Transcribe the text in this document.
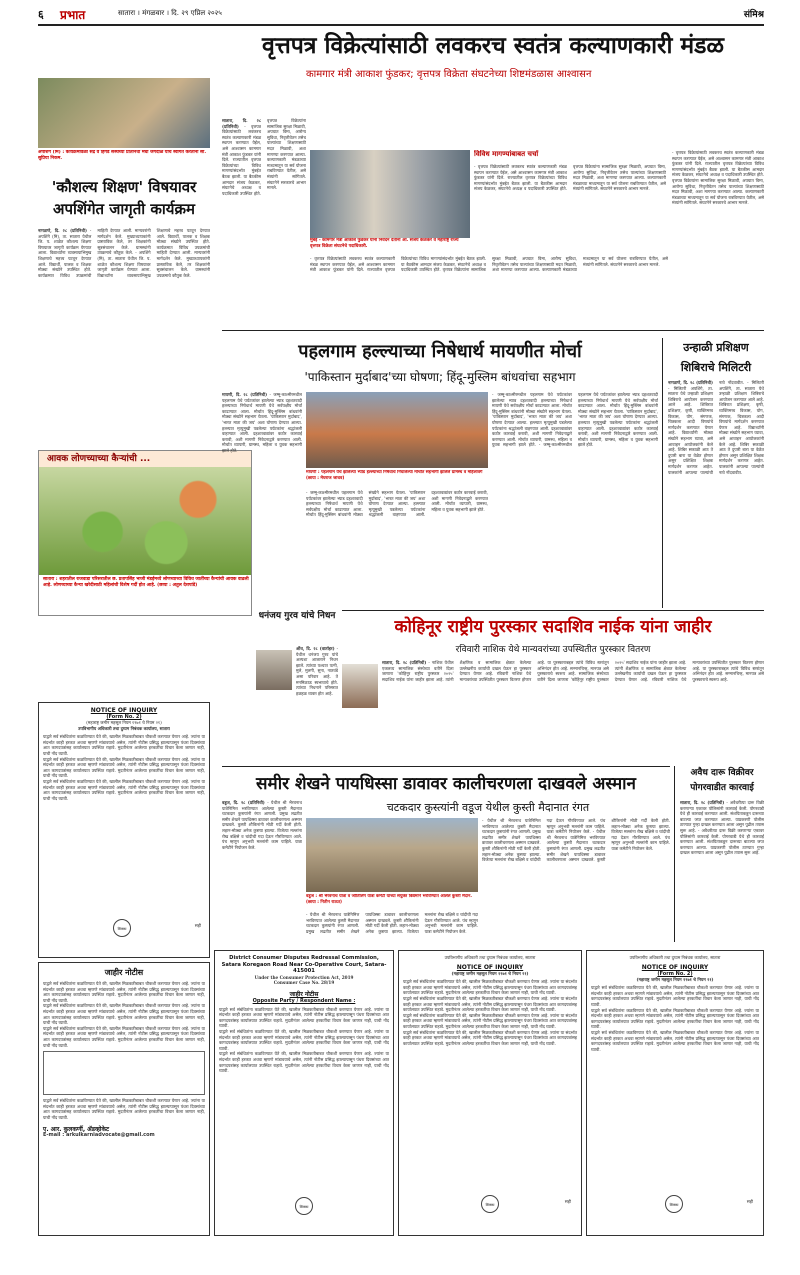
६ प्रभात	सातारा । मंगळवार । दि. २९ एप्रिल २०२५	संमिश्र
अपशिंगे (मि) : कार्यक्रमावेळी सेंद्र व हिंगेड संस्थेच्या प्रतिनिधी मेघा जगदाळे यांचे स्वागत करताना सौ. सुप्रिया निकम.
'कौशल्य शिक्षण' विषयावर अपशिंगेत जागृती कार्यक्रम
नागठाणे, दि. २८ (प्रतिनिधी) - अपशिंगे (मि), ता. सातारा येथील जि. प. शाळेत कौशल्य शिक्षण विषयावर जागृती कार्यक्रम घेण्यात आला. विद्यार्थ्यांना व्यवसायाभिमुख शिक्षणाचे महत्त्व पटवून देण्यात आले. विद्यार्थी, पालक व शिक्षक मोठ्या संख्येने उपस्थित होते. कार्यक्रमात विविध उपक्रमांची माहिती देण्यात आली. मान्यवरांनी मार्गदर्शन केले. मुख्याध्यापकांनी प्रास्ताविक केले, तर शिक्षकांनी सूत्रसंचालन केले. ग्रामस्थांनी उपक्रमाचे कौतुक केले. - अपशिंगे (मि), ता. सातारा येथील जि. प. शाळेत कौशल्य शिक्षण विषयावर जागृती कार्यक्रम घेण्यात आला. विद्यार्थ्यांना व्यवसायाभिमुख शिक्षणाचे महत्त्व पटवून देण्यात आले. विद्यार्थी, पालक व शिक्षक मोठ्या संख्येने उपस्थित होते. कार्यक्रमात विविध उपक्रमांची माहिती देण्यात आली. मान्यवरांनी मार्गदर्शन केले. मुख्याध्यापकांनी प्रास्ताविक केले, तर शिक्षकांनी सूत्रसंचालन केले. ग्रामस्थांनी उपक्रमाचे कौतुक केले.
आवक लोणच्याच्या कैऱ्यांची ...
सातारा : शहरातील राजवाडा परिसरातील छ. प्रतापसिंह भाजी मंडईमध्ये लोणच्याच्या विविध जातींच्या कैऱ्यांची आवक वाढली आहे. लोणच्याच्या कैऱ्या खरेदीसाठी महिलांची विशेष गर्दी होत आहे. (छाया : अतुल देशपांडे)
वृत्तपत्र विक्रेत्यांसाठी लवकरच स्वतंत्र कल्याणकारी मंडळ
कामगार मंत्री आकाश फुंडकर; वृत्तपत्र विक्रेता संघटनेच्या शिष्टमंडळास आश्वासन
सातारा, दि. २८ (प्रतिनिधी) - वृत्तपत्र विक्रेत्यांसाठी लवकरच स्वतंत्र कल्याणकारी मंडळ स्थापन करण्यात येईल, असे आश्वासन कामगार मंत्री आकाश फुंडकर यांनी दिले. राज्यातील वृत्तपत्र विक्रेत्यांच्या विविध मागण्यांसंदर्भात मुंबईत बैठक झाली. या बैठकीस आमदार संजय केळकर, संघटनेचे अध्यक्ष व पदाधिकारी उपस्थित होते. वृत्तपत्र विक्रेत्यांना सामाजिक सुरक्षा मिळावी, अपघात विमा, आरोग्य सुविधा, निवृत्तीवेतन तसेच पाल्यांच्या शिक्षणासाठी मदत मिळावी, अशा मागण्या करण्यात आल्या. कल्याणकारी मंडळाच्या माध्यमातून या सर्व योजना राबविण्यात येतील, असे मंत्र्यांनी सांगितले. संघटनेने सरकारचे आभार मानले.
मुंबई - कामगार मंत्री आकाश फुंडकर यांना निवेदन देताना आ. संजय केळकर व महाराष्ट्र राज्य वृत्तपत्र विक्रेता संघटनेचे पदाधिकारी.
विविध मागण्यांबाबत चर्चा
- वृत्तपत्र विक्रेत्यांसाठी लवकरच स्वतंत्र कल्याणकारी मंडळ स्थापन करण्यात येईल, असे आश्वासन कामगार मंत्री आकाश फुंडकर यांनी दिले. राज्यातील वृत्तपत्र विक्रेत्यांच्या विविध मागण्यांसंदर्भात मुंबईत बैठक झाली. या बैठकीस आमदार संजय केळकर, संघटनेचे अध्यक्ष व पदाधिकारी उपस्थित होते. वृत्तपत्र विक्रेत्यांना सामाजिक सुरक्षा मिळावी, अपघात विमा, आरोग्य सुविधा, निवृत्तीवेतन तसेच पाल्यांच्या शिक्षणासाठी मदत मिळावी, अशा मागण्या करण्यात आल्या. कल्याणकारी मंडळाच्या माध्यमातून या सर्व योजना राबविण्यात येतील, असे मंत्र्यांनी सांगितले. संघटनेने सरकारचे आभार मानले.
- वृत्तपत्र विक्रेत्यांसाठी लवकरच स्वतंत्र कल्याणकारी मंडळ स्थापन करण्यात येईल, असे आश्वासन कामगार मंत्री आकाश फुंडकर यांनी दिले. राज्यातील वृत्तपत्र विक्रेत्यांच्या विविध मागण्यांसंदर्भात मुंबईत बैठक झाली. या बैठकीस आमदार संजय केळकर, संघटनेचे अध्यक्ष व पदाधिकारी उपस्थित होते. वृत्तपत्र विक्रेत्यांना सामाजिक सुरक्षा मिळावी, अपघात विमा, आरोग्य सुविधा, निवृत्तीवेतन तसेच पाल्यांच्या शिक्षणासाठी मदत मिळावी, अशा मागण्या करण्यात आल्या. कल्याणकारी मंडळाच्या माध्यमातून या सर्व योजना राबविण्यात येतील, असे मंत्र्यांनी सांगितले. संघटनेने सरकारचे आभार मानले.
- वृत्तपत्र विक्रेत्यांसाठी लवकरच स्वतंत्र कल्याणकारी मंडळ स्थापन करण्यात येईल, असे आश्वासन कामगार मंत्री आकाश फुंडकर यांनी दिले. राज्यातील वृत्तपत्र विक्रेत्यांच्या विविध मागण्यांसंदर्भात मुंबईत बैठक झाली. या बैठकीस आमदार संजय केळकर, संघटनेचे अध्यक्ष व पदाधिकारी उपस्थित होते. वृत्तपत्र विक्रेत्यांना सामाजिक सुरक्षा मिळावी, अपघात विमा, आरोग्य सुविधा, निवृत्तीवेतन तसेच पाल्यांच्या शिक्षणासाठी मदत मिळावी, अशा मागण्या करण्यात आल्या. कल्याणकारी मंडळाच्या माध्यमातून या सर्व योजना राबविण्यात येतील, असे मंत्र्यांनी सांगितले. संघटनेने सरकारचे आभार मानले.
पहलगाम हल्ल्याच्या निषेधार्थ मायणीत मोर्चा
'पाकिस्तान मुर्दाबाद'च्या घोषणा; हिंदू-मुस्लिम बांधवांचा सहभाग
मायणी, दि. २८ (प्रतिनिधी) - जम्मू-काश्मीरमधील पहलगाम येथे पर्यटकांवर झालेल्या भ्याड दहशतवादी हल्ल्याच्या निषेधार्थ मायणी येथे सर्वपक्षीय मोर्चा काढण्यात आला. मोर्चात हिंदू-मुस्लिम बांधवांनी मोठ्या संख्येने सहभाग घेतला. 'पाकिस्तान मुर्दाबाद', 'भारत माता की जय' अशा घोषणा देण्यात आल्या. हल्ल्यात मृत्युमुखी पडलेल्या पर्यटकांना श्रद्धांजली वाहण्यात आली. दहशतवाद्यांवर कठोर कारवाई करावी, अशी मागणी निवेदनाद्वारे करण्यात आली. मोर्चात व्यापारी, ग्रामस्थ, महिला व युवक सहभागी झाले होते.
मायणी : पहलगाम येथे झालेल्या भ्याड हल्ल्याच्या निषेधार्थ निघालेल्या मोर्चात सहभागी झालेले ग्रामस्थ व महिलावर्ग (छाया : मेघराज जाधव)
- जम्मू-काश्मीरमधील पहलगाम येथे पर्यटकांवर झालेल्या भ्याड दहशतवादी हल्ल्याच्या निषेधार्थ मायणी येथे सर्वपक्षीय मोर्चा काढण्यात आला. मोर्चात हिंदू-मुस्लिम बांधवांनी मोठ्या संख्येने सहभाग घेतला. 'पाकिस्तान मुर्दाबाद', 'भारत माता की जय' अशा घोषणा देण्यात आल्या. हल्ल्यात मृत्युमुखी पडलेल्या पर्यटकांना श्रद्धांजली वाहण्यात आली. दहशतवाद्यांवर कठोर कारवाई करावी, अशी मागणी निवेदनाद्वारे करण्यात आली. मोर्चात व्यापारी, ग्रामस्थ, महिला व युवक सहभागी झाले होते.
- जम्मू-काश्मीरमधील पहलगाम येथे पर्यटकांवर झालेल्या भ्याड दहशतवादी हल्ल्याच्या निषेधार्थ मायणी येथे सर्वपक्षीय मोर्चा काढण्यात आला. मोर्चात हिंदू-मुस्लिम बांधवांनी मोठ्या संख्येने सहभाग घेतला. 'पाकिस्तान मुर्दाबाद', 'भारत माता की जय' अशा घोषणा देण्यात आल्या. हल्ल्यात मृत्युमुखी पडलेल्या पर्यटकांना श्रद्धांजली वाहण्यात आली. दहशतवाद्यांवर कठोर कारवाई करावी, अशी मागणी निवेदनाद्वारे करण्यात आली. मोर्चात व्यापारी, ग्रामस्थ, महिला व युवक सहभागी झाले होते. - जम्मू-काश्मीरमधील पहलगाम येथे पर्यटकांवर झालेल्या भ्याड दहशतवादी हल्ल्याच्या निषेधार्थ मायणी येथे सर्वपक्षीय मोर्चा काढण्यात आला. मोर्चात हिंदू-मुस्लिम बांधवांनी मोठ्या संख्येने सहभाग घेतला. 'पाकिस्तान मुर्दाबाद', 'भारत माता की जय' अशा घोषणा देण्यात आल्या. हल्ल्यात मृत्युमुखी पडलेल्या पर्यटकांना श्रद्धांजली वाहण्यात आली. दहशतवाद्यांवर कठोर कारवाई करावी, अशी मागणी निवेदनाद्वारे करण्यात आली. मोर्चात व्यापारी, ग्रामस्थ, महिला व युवक सहभागी झाले होते.
उन्हाळी प्रशिक्षण शिबिराचे मिलिटरी
नागठाणे, दि. २८ (प्रतिनिधी) - मिलिटरी अपशिंगे, ता. सातारा येथे उन्हाळी प्रशिक्षण शिबिराचे आयोजन करण्यात आले आहे. शिबिरात प्रशिक्षण, कृषी, व्यक्तिमत्त्व विकास, योग, संगणक, चित्रकला आदी विषयांचे मार्गदर्शन करण्यात येणार आहे. विद्यार्थ्यांनी मोठ्या संख्येने सहभाग घ्यावा, असे आवाहन आयोजकांनी केले आहे. शिबिर सकाळी आठ ते दुपारी बारा या वेळेत होणार असून प्रशिक्षित शिक्षक मार्गदर्शन करणार आहेत. पालकांनी आपल्या पाल्यांची नावे नोंदवावीत. - मिलिटरी अपशिंगे, ता. सातारा येथे उन्हाळी प्रशिक्षण शिबिराचे आयोजन करण्यात आले आहे. शिबिरात प्रशिक्षण, कृषी, व्यक्तिमत्त्व विकास, योग, संगणक, चित्रकला आदी विषयांचे मार्गदर्शन करण्यात येणार आहे. विद्यार्थ्यांनी मोठ्या संख्येने सहभाग घ्यावा, असे आवाहन आयोजकांनी केले आहे. शिबिर सकाळी आठ ते दुपारी बारा या वेळेत होणार असून प्रशिक्षित शिक्षक मार्गदर्शन करणार आहेत. पालकांनी आपल्या पाल्यांची नावे नोंदवावीत.
धनंजय गुरव यांचे निधन
औंध, दि. २८ (वार्ताहर) - येथील धनंजय गुरव यांचे अल्पशा आजाराने निधन झाले. त्यांच्या पश्चात पत्नी, मुले, मुलगी, सुना, नातवंडे असा परिवार आहे. ते मनमिळाऊ स्वभावाचे होते. त्यांच्या निधनाने परिसरात हळहळ व्यक्त होत आहे.
कोहिनूर राष्ट्रीय पुरस्कार सदाशिव नाईक यांना जाहीर
रविवारी नाशिक येथे मान्यवरांच्या उपस्थितीत पुरस्कार वितरण
सातारा, दि. २८ (प्रतिनिधी) - नाशिक येथील एकलव्य सामाजिक संस्थेच्या वतीने दिला जाणारा 'कोहिनूर राष्ट्रीय पुरस्कार २०२५' सदाशिव नाईक यांना जाहीर झाला आहे. त्यांनी शैक्षणिक व सामाजिक क्षेत्रात केलेल्या उल्लेखनीय कार्याची दखल घेऊन हा पुरस्कार देण्यात येणार आहे. रविवारी नाशिक येथे मान्यवरांच्या उपस्थितीत पुरस्कार वितरण होणार आहे. या पुरस्काराबद्दल त्यांचे विविध स्तरांतून अभिनंदन होत आहे. सन्मानचिन्ह, मानपत्र असे पुरस्काराचे स्वरूप आहे. सामाजिक संस्थेच्या वतीने दिला जाणारा 'कोहिनूर राष्ट्रीय पुरस्कार २०२५' सदाशिव नाईक यांना जाहीर झाला आहे. त्यांनी शैक्षणिक व सामाजिक क्षेत्रात केलेल्या उल्लेखनीय कार्याची दखल घेऊन हा पुरस्कार देण्यात येणार आहे. रविवारी नाशिक येथे मान्यवरांच्या उपस्थितीत पुरस्कार वितरण होणार आहे. या पुरस्काराबद्दल त्यांचे विविध स्तरांतून अभिनंदन होत आहे. सन्मानचिन्ह, मानपत्र असे पुरस्काराचे स्वरूप आहे.
समीर शेखने पायधिस्सा डावावर कालीचरणला दाखवले अस्मान
चटकदार कुस्त्यांनी वडूज येथील कुस्ती मैदानात रंगत
वडूज, दि. २८ (प्रतिनिधी) - येथील श्री भैरवनाथ यात्रेनिमित्त भरविण्यात आलेल्या कुस्ती मैदानात चटकदार कुस्त्यांनी रंगत आणली. प्रमुख लढतीत समीर शेखने पायधिस्सा डावावर कालीचरणला अस्मान दाखवले. कुस्ती शौकिनांनी मोठी गर्दी केली होती. लहान-मोठ्या अनेक कुस्त्या झाल्या. विजेत्या मल्लांना रोख बक्षिसे व चांदीची गदा देऊन गौरविण्यात आले. पंच म्हणून अनुभवी मल्लांनी काम पाहिले. यात्रा कमेटीने नियोजन केले.
वडूज : श्री भैरवनाथ यात्रा व जोतिर्लिंग यात्रा कमेटी यांच्या संयुक्त विद्यमाने भरविण्यात आलेले कुस्ती मैदान. (छाया : नितीन राऊत)
- येथील श्री भैरवनाथ यात्रेनिमित्त भरविण्यात आलेल्या कुस्ती मैदानात चटकदार कुस्त्यांनी रंगत आणली. प्रमुख लढतीत समीर शेखने पायधिस्सा डावावर कालीचरणला अस्मान दाखवले. कुस्ती शौकिनांनी मोठी गर्दी केली होती. लहान-मोठ्या अनेक कुस्त्या झाल्या. विजेत्या मल्लांना रोख बक्षिसे व चांदीची गदा देऊन गौरविण्यात आले. पंच म्हणून अनुभवी मल्लांनी काम पाहिले. यात्रा कमेटीने नियोजन केले.
- येथील श्री भैरवनाथ यात्रेनिमित्त भरविण्यात आलेल्या कुस्ती मैदानात चटकदार कुस्त्यांनी रंगत आणली. प्रमुख लढतीत समीर शेखने पायधिस्सा डावावर कालीचरणला अस्मान दाखवले. कुस्ती शौकिनांनी मोठी गर्दी केली होती. लहान-मोठ्या अनेक कुस्त्या झाल्या. विजेत्या मल्लांना रोख बक्षिसे व चांदीची गदा देऊन गौरविण्यात आले. पंच म्हणून अनुभवी मल्लांनी काम पाहिले. यात्रा कमेटीने नियोजन केले. - येथील श्री भैरवनाथ यात्रेनिमित्त भरविण्यात आलेल्या कुस्ती मैदानात चटकदार कुस्त्यांनी रंगत आणली. प्रमुख लढतीत समीर शेखने पायधिस्सा डावावर कालीचरणला अस्मान दाखवले. कुस्ती शौकिनांनी मोठी गर्दी केली होती. लहान-मोठ्या अनेक कुस्त्या झाल्या. विजेत्या मल्लांना रोख बक्षिसे व चांदीची गदा देऊन गौरविण्यात आले. पंच म्हणून अनुभवी मल्लांनी काम पाहिले. यात्रा कमेटीने नियोजन केले.
अवैध दारू विक्रीवर पोगरवाडीत कारवाई
सातारा, दि. २८ (प्रतिनिधी) - अवैधरीत्या दारू विक्री करणाऱ्या एकावर पोलिसांनी कारवाई केली. पोगरवाडी येथे ही कारवाई करण्यात आली. संशयिताकडून दारूच्या बाटल्या जप्त करण्यात आल्या. याप्रकरणी पोलीस ठाण्यात गुन्हा दाखल करण्यात आला असून पुढील तपास सुरू आहे. - अवैधरीत्या दारू विक्री करणाऱ्या एकावर पोलिसांनी कारवाई केली. पोगरवाडी येथे ही कारवाई करण्यात आली. संशयिताकडून दारूच्या बाटल्या जप्त करण्यात आल्या. याप्रकरणी पोलीस ठाण्यात गुन्हा दाखल करण्यात आला असून पुढील तपास सुरू आहे.
NOTICE OF INQUIRY
(Form No. 2)
(महाराष्ट्र जमीन महसूल नियम १९७१ चे नियम २१)
उपविभागीय अधिकारी तथा दुय्यम निबंधक कार्यालय, सातारा
याद्वारे सर्व संबंधितांना कळविण्यात येते की, खालील मिळकतीबाबत चौकशी करण्यात येणार आहे. ज्यांना या संदर्भात काही हरकत अथवा म्हणणे मांडावयाचे असेल, त्यांनी नोटीस प्रसिद्ध झाल्यापासून पंधरा दिवसांच्या आत कागदपत्रांसह कार्यालयात उपस्थित राहावे. मुदतीनंतर आलेल्या हरकतींचा विचार केला जाणार नाही, याची नोंद घ्यावी.
याद्वारे सर्व संबंधितांना कळविण्यात येते की, खालील मिळकतीबाबत चौकशी करण्यात येणार आहे. ज्यांना या संदर्भात काही हरकत अथवा म्हणणे मांडावयाचे असेल, त्यांनी नोटीस प्रसिद्ध झाल्यापासून पंधरा दिवसांच्या आत कागदपत्रांसह कार्यालयात उपस्थित राहावे. मुदतीनंतर आलेल्या हरकतींचा विचार केला जाणार नाही, याची नोंद घ्यावी.
याद्वारे सर्व संबंधितांना कळविण्यात येते की, खालील मिळकतीबाबत चौकशी करण्यात येणार आहे. ज्यांना या संदर्भात काही हरकत अथवा म्हणणे मांडावयाचे असेल, त्यांनी नोटीस प्रसिद्ध झाल्यापासून पंधरा दिवसांच्या आत कागदपत्रांसह कार्यालयात उपस्थित राहावे. मुदतीनंतर आलेल्या हरकतींचा विचार केला जाणार नाही, याची नोंद घ्यावी.
शिक्का
सही
जाहीर नोटीस
याद्वारे सर्व संबंधितांना कळविण्यात येते की, खालील मिळकतीबाबत चौकशी करण्यात येणार आहे. ज्यांना या संदर्भात काही हरकत अथवा म्हणणे मांडावयाचे असेल, त्यांनी नोटीस प्रसिद्ध झाल्यापासून पंधरा दिवसांच्या आत कागदपत्रांसह कार्यालयात उपस्थित राहावे. मुदतीनंतर आलेल्या हरकतींचा विचार केला जाणार नाही, याची नोंद घ्यावी.
याद्वारे सर्व संबंधितांना कळविण्यात येते की, खालील मिळकतीबाबत चौकशी करण्यात येणार आहे. ज्यांना या संदर्भात काही हरकत अथवा म्हणणे मांडावयाचे असेल, त्यांनी नोटीस प्रसिद्ध झाल्यापासून पंधरा दिवसांच्या आत कागदपत्रांसह कार्यालयात उपस्थित राहावे. मुदतीनंतर आलेल्या हरकतींचा विचार केला जाणार नाही, याची नोंद घ्यावी.
याद्वारे सर्व संबंधितांना कळविण्यात येते की, खालील मिळकतीबाबत चौकशी करण्यात येणार आहे. ज्यांना या संदर्भात काही हरकत अथवा म्हणणे मांडावयाचे असेल, त्यांनी नोटीस प्रसिद्ध झाल्यापासून पंधरा दिवसांच्या आत कागदपत्रांसह कार्यालयात उपस्थित राहावे. मुदतीनंतर आलेल्या हरकतींचा विचार केला जाणार नाही, याची नोंद घ्यावी.
याद्वारे सर्व संबंधितांना कळविण्यात येते की, खालील मिळकतीबाबत चौकशी करण्यात येणार आहे. ज्यांना या संदर्भात काही हरकत अथवा म्हणणे मांडावयाचे असेल, त्यांनी नोटीस प्रसिद्ध झाल्यापासून पंधरा दिवसांच्या आत कागदपत्रांसह कार्यालयात उपस्थित राहावे. मुदतीनंतर आलेल्या हरकतींचा विचार केला जाणार नाही, याची नोंद घ्यावी.
ए. आर. कुलकर्णी, ॲडव्होकेट
E-mail : arkulkarniadvocate@gmail.com
District Consumer Disputes Redressal Commission, Satara Koregaon Road Near Co-Operative Court, Satara-415001
Under the Consumer Protection Act, 2019
Consumer Case No. 28/19
जाहीर नोटीस
Opposite Party / Respondent Name :
याद्वारे सर्व संबंधितांना कळविण्यात येते की, खालील मिळकतीबाबत चौकशी करण्यात येणार आहे. ज्यांना या संदर्भात काही हरकत अथवा म्हणणे मांडावयाचे असेल, त्यांनी नोटीस प्रसिद्ध झाल्यापासून पंधरा दिवसांच्या आत कागदपत्रांसह कार्यालयात उपस्थित राहावे. मुदतीनंतर आलेल्या हरकतींचा विचार केला जाणार नाही, याची नोंद घ्यावी.
याद्वारे सर्व संबंधितांना कळविण्यात येते की, खालील मिळकतीबाबत चौकशी करण्यात येणार आहे. ज्यांना या संदर्भात काही हरकत अथवा म्हणणे मांडावयाचे असेल, त्यांनी नोटीस प्रसिद्ध झाल्यापासून पंधरा दिवसांच्या आत कागदपत्रांसह कार्यालयात उपस्थित राहावे. मुदतीनंतर आलेल्या हरकतींचा विचार केला जाणार नाही, याची नोंद घ्यावी.
याद्वारे सर्व संबंधितांना कळविण्यात येते की, खालील मिळकतीबाबत चौकशी करण्यात येणार आहे. ज्यांना या संदर्भात काही हरकत अथवा म्हणणे मांडावयाचे असेल, त्यांनी नोटीस प्रसिद्ध झाल्यापासून पंधरा दिवसांच्या आत कागदपत्रांसह कार्यालयात उपस्थित राहावे. मुदतीनंतर आलेल्या हरकतींचा विचार केला जाणार नाही, याची नोंद घ्यावी.
शिक्का
उपविभागीय अधिकारी तथा दुय्यम निबंधक कार्यालय, सातारा
NOTICE OF INQUIRY
(महाराष्ट्र जमीन महसूल नियम १९७१ चे नियम २१)
याद्वारे सर्व संबंधितांना कळविण्यात येते की, खालील मिळकतीबाबत चौकशी करण्यात येणार आहे. ज्यांना या संदर्भात काही हरकत अथवा म्हणणे मांडावयाचे असेल, त्यांनी नोटीस प्रसिद्ध झाल्यापासून पंधरा दिवसांच्या आत कागदपत्रांसह कार्यालयात उपस्थित राहावे. मुदतीनंतर आलेल्या हरकतींचा विचार केला जाणार नाही, याची नोंद घ्यावी.
याद्वारे सर्व संबंधितांना कळविण्यात येते की, खालील मिळकतीबाबत चौकशी करण्यात येणार आहे. ज्यांना या संदर्भात काही हरकत अथवा म्हणणे मांडावयाचे असेल, त्यांनी नोटीस प्रसिद्ध झाल्यापासून पंधरा दिवसांच्या आत कागदपत्रांसह कार्यालयात उपस्थित राहावे. मुदतीनंतर आलेल्या हरकतींचा विचार केला जाणार नाही, याची नोंद घ्यावी.
याद्वारे सर्व संबंधितांना कळविण्यात येते की, खालील मिळकतीबाबत चौकशी करण्यात येणार आहे. ज्यांना या संदर्भात काही हरकत अथवा म्हणणे मांडावयाचे असेल, त्यांनी नोटीस प्रसिद्ध झाल्यापासून पंधरा दिवसांच्या आत कागदपत्रांसह कार्यालयात उपस्थित राहावे. मुदतीनंतर आलेल्या हरकतींचा विचार केला जाणार नाही, याची नोंद घ्यावी.
याद्वारे सर्व संबंधितांना कळविण्यात येते की, खालील मिळकतीबाबत चौकशी करण्यात येणार आहे. ज्यांना या संदर्भात काही हरकत अथवा म्हणणे मांडावयाचे असेल, त्यांनी नोटीस प्रसिद्ध झाल्यापासून पंधरा दिवसांच्या आत कागदपत्रांसह कार्यालयात उपस्थित राहावे. मुदतीनंतर आलेल्या हरकतींचा विचार केला जाणार नाही, याची नोंद घ्यावी.
शिक्का
सही
उपविभागीय अधिकारी तथा दुय्यम निबंधक कार्यालय, सातारा
NOTICE OF INQUIRY
(Form No. 2)
(महाराष्ट्र जमीन महसूल नियम १९७१ चे नियम २१)
याद्वारे सर्व संबंधितांना कळविण्यात येते की, खालील मिळकतीबाबत चौकशी करण्यात येणार आहे. ज्यांना या संदर्भात काही हरकत अथवा म्हणणे मांडावयाचे असेल, त्यांनी नोटीस प्रसिद्ध झाल्यापासून पंधरा दिवसांच्या आत कागदपत्रांसह कार्यालयात उपस्थित राहावे. मुदतीनंतर आलेल्या हरकतींचा विचार केला जाणार नाही, याची नोंद घ्यावी.
याद्वारे सर्व संबंधितांना कळविण्यात येते की, खालील मिळकतीबाबत चौकशी करण्यात येणार आहे. ज्यांना या संदर्भात काही हरकत अथवा म्हणणे मांडावयाचे असेल, त्यांनी नोटीस प्रसिद्ध झाल्यापासून पंधरा दिवसांच्या आत कागदपत्रांसह कार्यालयात उपस्थित राहावे. मुदतीनंतर आलेल्या हरकतींचा विचार केला जाणार नाही, याची नोंद घ्यावी.
याद्वारे सर्व संबंधितांना कळविण्यात येते की, खालील मिळकतीबाबत चौकशी करण्यात येणार आहे. ज्यांना या संदर्भात काही हरकत अथवा म्हणणे मांडावयाचे असेल, त्यांनी नोटीस प्रसिद्ध झाल्यापासून पंधरा दिवसांच्या आत कागदपत्रांसह कार्यालयात उपस्थित राहावे. मुदतीनंतर आलेल्या हरकतींचा विचार केला जाणार नाही, याची नोंद घ्यावी.
शिक्का
सही
